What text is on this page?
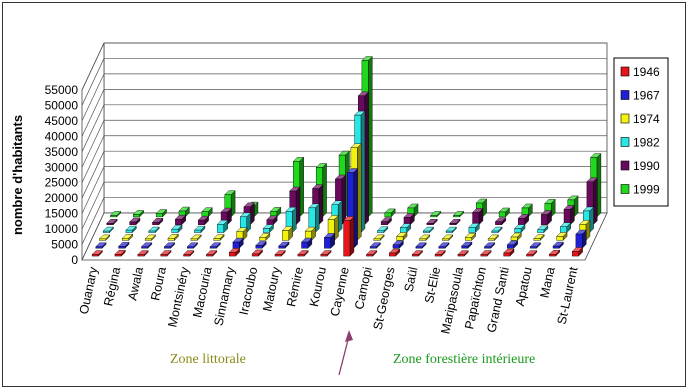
0
5000
10000
15000
20000
25000
30000
35000
40000
45000
50000
55000
Ouanary Régina Awala Roura
Montsinéry
Macouria
Sinnamary Iracoubo Matoury Rémire Kourou
Cayenne Camopi
St-Georges Saül St-Elie
Maripasoula
Papaïchton
Grand Santi Apatou Mana
St-Laurent
1946
1967
1974
1982
1990
1999
nombre d'habitants
Zone littorale	Zone forestière intérieure
